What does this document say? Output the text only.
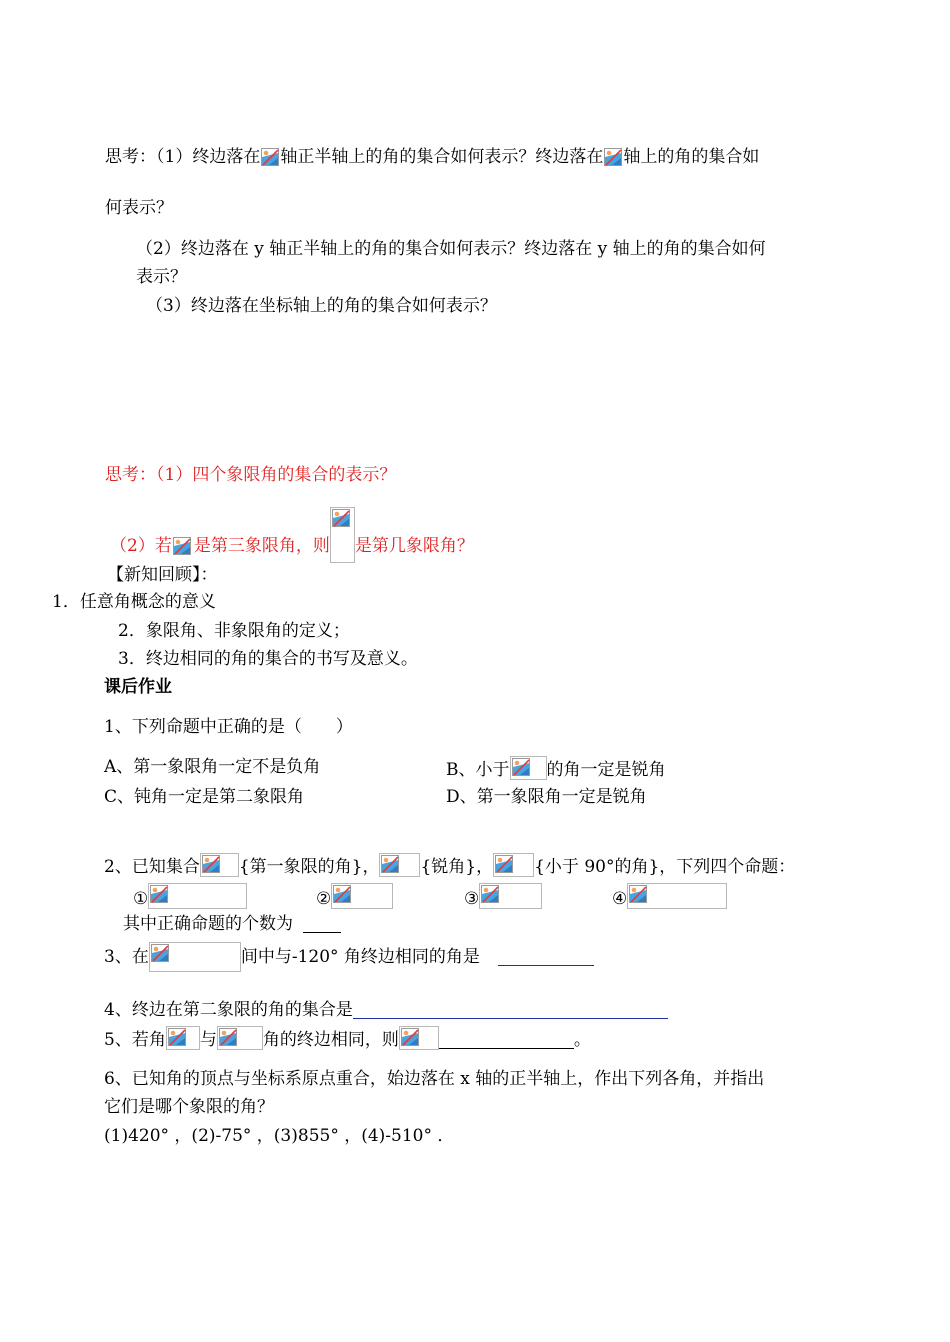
思考：（1）终边落在 轴正半轴上的角的集合如何表示？终边落在 轴上的角的集合如
何表示？
（2）终边落在 y 轴正半轴上的角的集合如何表示？终边落在 y 轴上的角的集合如何
表示？
（3）终边落在坐标轴上的角的集合如何表示？
思考：（1）四个象限角的集合的表示？
（2）若 是第三象限角，则 是第几象限角？
【新知回顾】：
1．任意角概念的意义
2．象限角、非象限角的定义；
3．终边相同的角的集合的书写及意义。
课后作业
1、下列命题中正确的是（　　）
A、第一象限角一定不是负角	B、小于 的角一定是锐角
C、钝角一定是第二象限角	D、第一象限角一定是锐角
2、已知集合 {第一象限的角}， {锐角}， {小于 90°的角}，下列四个命题：
①	②	③	④
其中正确命题的个数为
3、在	间中与-120° 角终边相同的角是
4、终边在第二象限的角的集合是
5、若角 与	角的终边相同，则	。
6、已知角的顶点与坐标系原点重合，始边落在 x 轴的正半轴上，作出下列各角，并指出
它们是哪个象限的角？
(1)420° ，(2)-75° ，(3)855° ，(4)-510° ．
